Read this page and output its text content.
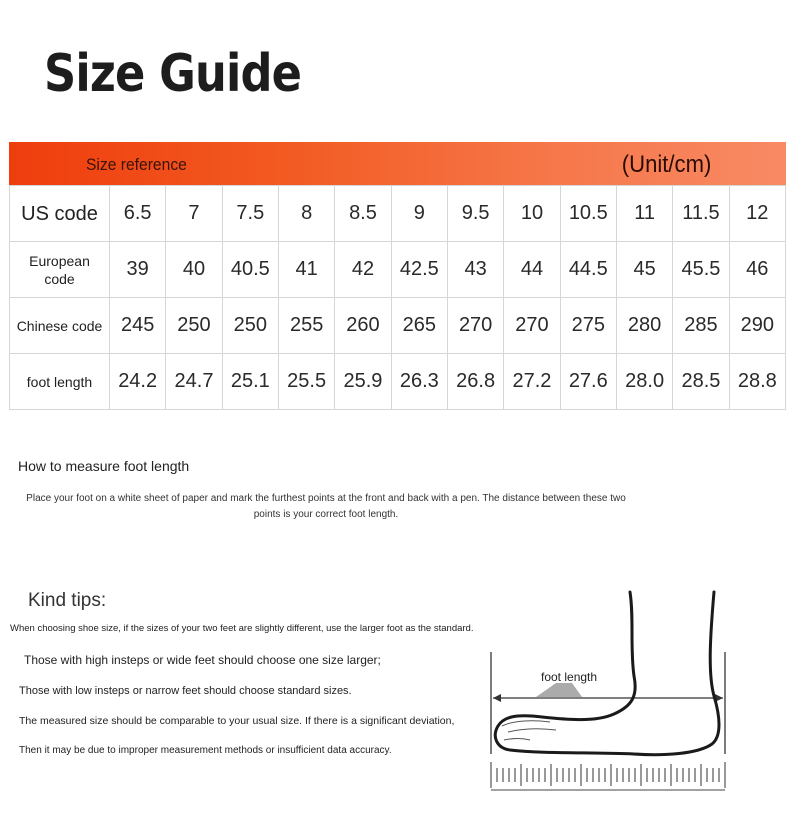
Size Guide
Size reference	(Unit/cm)
US code	6.5	7	7.5	8	8.5	9	9.5	10	10.5	11	11.5	12

European
code	39	40	40.5	41	42	42.5	43	44	44.5	45	45.5	46
Chinese code	245	250	250	255	260	265	270	270	275	280	285	290
foot length	24.2	24.7	25.1	25.5	25.9	26.3	26.8	27.2	27.6	28.0	28.5	28.8
How to measure foot length
Place your foot on a white sheet of paper and mark the furthest points at the front and back with a pen. The distance between these two points is your correct foot length.
Kind tips:
When choosing shoe size, if the sizes of your two feet are slightly different, use the larger foot as the standard.
Those with high insteps or wide feet should choose one size larger;
Those with low insteps or narrow feet should choose standard sizes.
The measured size should be comparable to your usual size. If there is a significant deviation,
Then it may be due to improper measurement methods or insufficient data accuracy.
foot length
